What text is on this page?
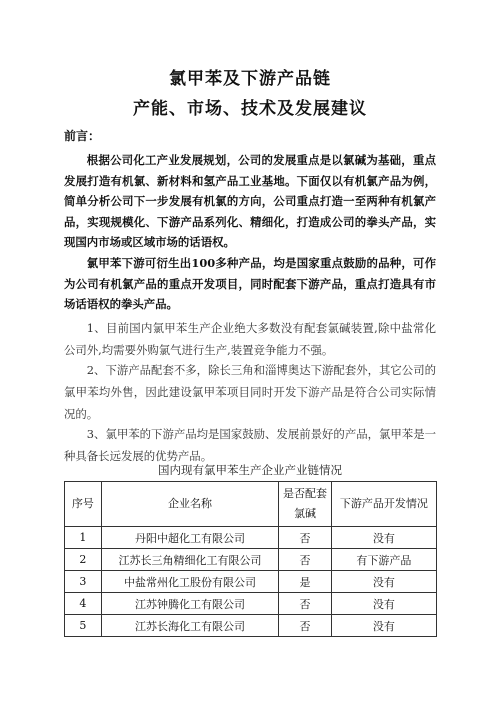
氯甲苯及下游产品链
产能、市场、技术及发展建议
前言：

根据公司化工产业发展规划，公司的发展重点是以氯碱为基础，重点发展打造有机氯、新材料和氢产品工业基地。下面仅以有机氯产品为例，简单分析公司下一步发展有机氯的方向，公司重点打造一至两种有机氯产品，实现规模化、下游产品系列化、精细化，打造成公司的拳头产品，实现国内市场或区域市场的话语权。

氯甲苯下游可衍生出100多种产品，均是国家重点鼓励的品种，可作为公司有机氯产品的重点开发项目，同时配套下游产品，重点打造具有市场话语权的拳头产品。

1、目前国内氯甲苯生产企业绝大多数没有配套氯碱装置,除中盐常化公司外,均需要外购氯气进行生产,装置竞争能力不强。

2、下游产品配套不多，除长三角和淄博奥达下游配套外，其它公司的氯甲苯均外售，因此建设氯甲苯项目同时开发下游产品是符合公司实际情况的。

3、氯甲苯的下游产品均是国家鼓励、发展前景好的产品，氯甲苯是一种具备长远发展的优势产品。

国内现有氯甲苯生产企业产业链情况
序号	企业名称	是否配套氯碱	下游产品开发情况
1	丹阳中超化工有限公司	否	没有
2	江苏长三角精细化工有限公司	否	有下游产品
3	中盐常州化工股份有限公司	是	没有
4	江苏钟腾化工有限公司	否	没有
5	江苏长海化工有限公司	否	没有
